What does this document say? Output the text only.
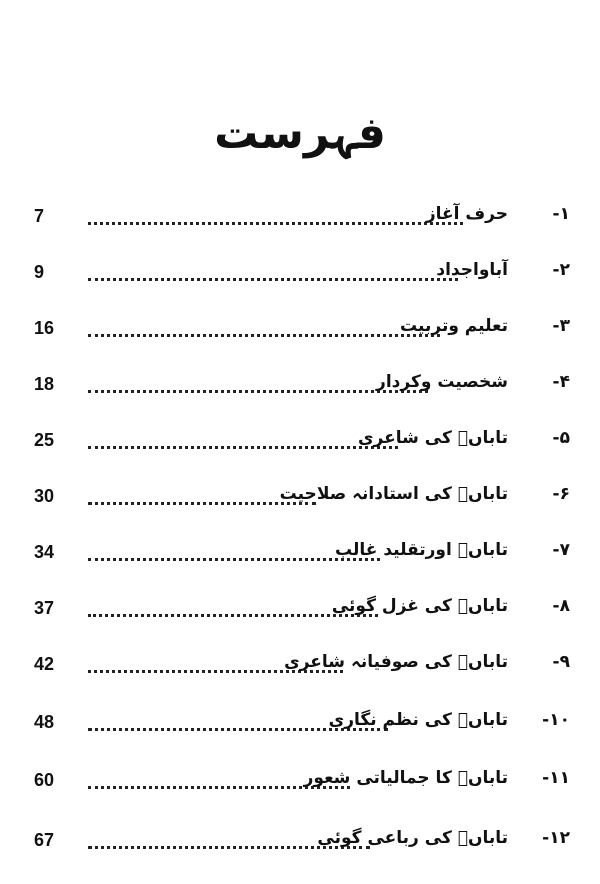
فہرست
7	حرف آغاز	۱-
9	آباواجداد	۲-
16	تعلیم وتربیت	۳-
18	شخصیت وکردار	۴-
25	تاباںؔ کی شاعری	۵-
30	تاباںؔ کی استادانہ صلاحیت	۶-
34	تاباںؔ اورتقلید غالب	۷-
37	تاباںؔ کی غزل گوئی	۸-
42	تاباںؔ کی صوفیانہ شاعری	۹-
48	تاباںؔ کی نظم نگاری	۱۰-
60	تاباںؔ کا جمالیاتی شعور	۱۱-
67	تاباںؔ کی رباعی گوئی	۱۲-
